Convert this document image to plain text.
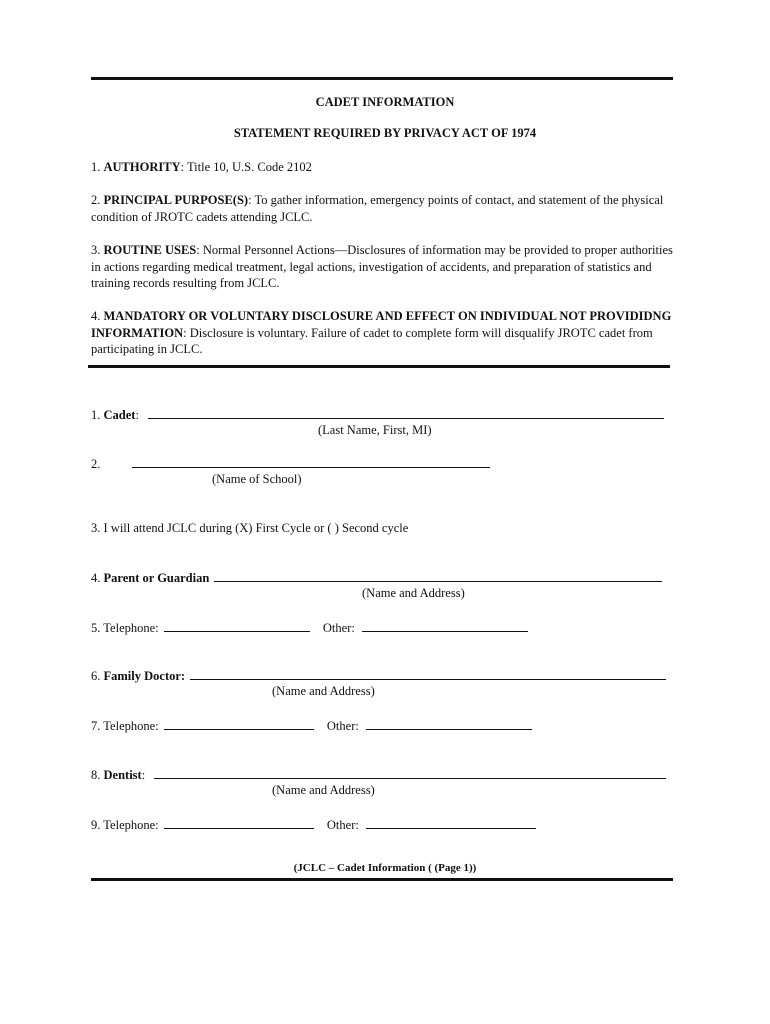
CADET INFORMATION
STATEMENT REQUIRED BY PRIVACY ACT OF 1974
1. AUTHORITY: Title 10, U.S. Code 2102
2. PRINCIPAL PURPOSE(S): To gather information, emergency points of contact, and statement of the physical condition of JROTC cadets attending JCLC.
3. ROUTINE USES: Normal Personnel Actions—Disclosures of information may be provided to proper authorities in actions regarding medical treatment, legal actions, investigation of accidents, and preparation of statistics and training records resulting from JCLC.
4. MANDATORY OR VOLUNTARY DISCLOSURE AND EFFECT ON INDIVIDUAL NOT PROVIDIDNG INFORMATION: Disclosure is voluntary. Failure of cadet to complete form will disqualify JROTC cadet from participating in JCLC.
1. Cadet:
(Last Name, First, MI)
2.
(Name of School)
3. I will attend JCLC during (X) First Cycle or ( ) Second cycle
4. Parent or Guardian
(Name and Address)
5. Telephone:	Other:
6. Family Doctor:
(Name and Address)
7. Telephone:	Other:
8. Dentist:
(Name and Address)
9. Telephone:	Other:
(JCLC – Cadet Information ( (Page 1))
